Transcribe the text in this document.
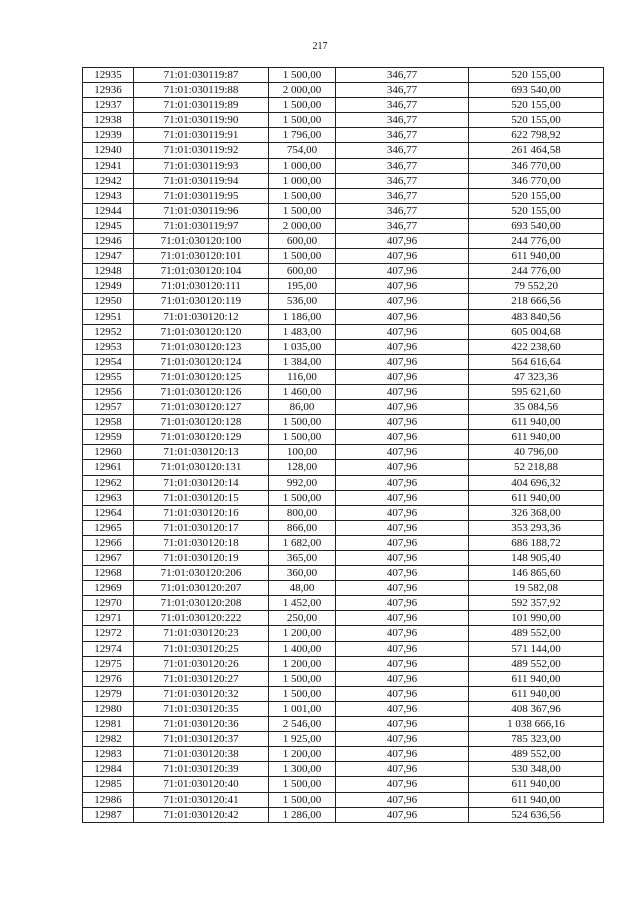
217
12935	71:01:030119:87	1 500,00	346,77	520 155,00
12936	71:01:030119:88	2 000,00	346,77	693 540,00
12937	71:01:030119:89	1 500,00	346,77	520 155,00
12938	71:01:030119:90	1 500,00	346,77	520 155,00
12939	71:01:030119:91	1 796,00	346,77	622 798,92
12940	71:01:030119:92	754,00	346,77	261 464,58
12941	71:01:030119:93	1 000,00	346,77	346 770,00
12942	71:01:030119:94	1 000,00	346,77	346 770,00
12943	71:01:030119:95	1 500,00	346,77	520 155,00
12944	71:01:030119:96	1 500,00	346,77	520 155,00
12945	71:01:030119:97	2 000,00	346,77	693 540,00
12946	71:01:030120:100	600,00	407,96	244 776,00
12947	71:01:030120:101	1 500,00	407,96	611 940,00
12948	71:01:030120:104	600,00	407,96	244 776,00
12949	71:01:030120:111	195,00	407,96	79 552,20
12950	71:01:030120:119	536,00	407,96	218 666,56
12951	71:01:030120:12	1 186,00	407,96	483 840,56
12952	71:01:030120:120	1 483,00	407,96	605 004,68
12953	71:01:030120:123	1 035,00	407,96	422 238,60
12954	71:01:030120:124	1 384,00	407,96	564 616,64
12955	71:01:030120:125	116,00	407,96	47 323,36
12956	71:01:030120:126	1 460,00	407,96	595 621,60
12957	71:01:030120:127	86,00	407,96	35 084,56
12958	71:01:030120:128	1 500,00	407,96	611 940,00
12959	71:01:030120:129	1 500,00	407,96	611 940,00
12960	71:01:030120:13	100,00	407,96	40 796,00
12961	71:01:030120:131	128,00	407,96	52 218,88
12962	71:01:030120:14	992,00	407,96	404 696,32
12963	71:01:030120:15	1 500,00	407,96	611 940,00
12964	71:01:030120:16	800,00	407,96	326 368,00
12965	71:01:030120:17	866,00	407,96	353 293,36
12966	71:01:030120:18	1 682,00	407,96	686 188,72
12967	71:01:030120:19	365,00	407,96	148 905,40
12968	71:01:030120:206	360,00	407,96	146 865,60
12969	71:01:030120:207	48,00	407,96	19 582,08
12970	71:01:030120:208	1 452,00	407,96	592 357,92
12971	71:01:030120:222	250,00	407,96	101 990,00
12972	71:01:030120:23	1 200,00	407,96	489 552,00
12974	71:01:030120:25	1 400,00	407,96	571 144,00
12975	71:01:030120:26	1 200,00	407,96	489 552,00
12976	71:01:030120:27	1 500,00	407,96	611 940,00
12979	71:01:030120:32	1 500,00	407,96	611 940,00
12980	71:01:030120:35	1 001,00	407,96	408 367,96
12981	71:01:030120:36	2 546,00	407,96	1 038 666,16
12982	71:01:030120:37	1 925,00	407,96	785 323,00
12983	71:01:030120:38	1 200,00	407,96	489 552,00
12984	71:01:030120:39	1 300,00	407,96	530 348,00
12985	71:01:030120:40	1 500,00	407,96	611 940,00
12986	71:01:030120:41	1 500,00	407,96	611 940,00
12987	71:01:030120:42	1 286,00	407,96	524 636,56
